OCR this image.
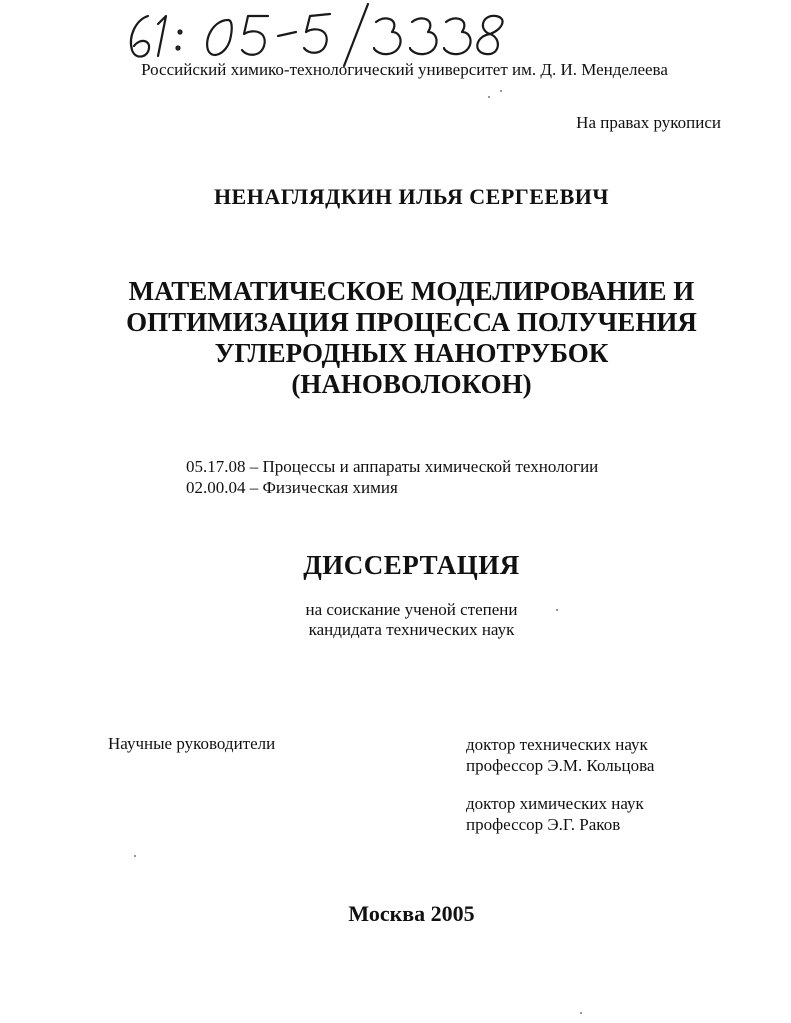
Российский химико-технологический университет им. Д. И. Менделеева
На правах рукописи
НЕНАГЛЯДКИН ИЛЬЯ СЕРГЕЕВИЧ
МАТЕМАТИЧЕСКОЕ МОДЕЛИРОВАНИЕ И
ОПТИМИЗАЦИЯ ПРОЦЕССА ПОЛУЧЕНИЯ
УГЛЕРОДНЫХ НАНОТРУБОК
(НАНОВОЛОКОН)
05.17.08 – Процессы и аппараты химической технологии
02.00.04 – Физическая химия
ДИССЕРТАЦИЯ
на соискание ученой степени
кандидата технических наук
Научные руководители	доктор технических наук
профессор Э.М. Кольцова
доктор химических наук
профессор Э.Г. Раков
Москва 2005
